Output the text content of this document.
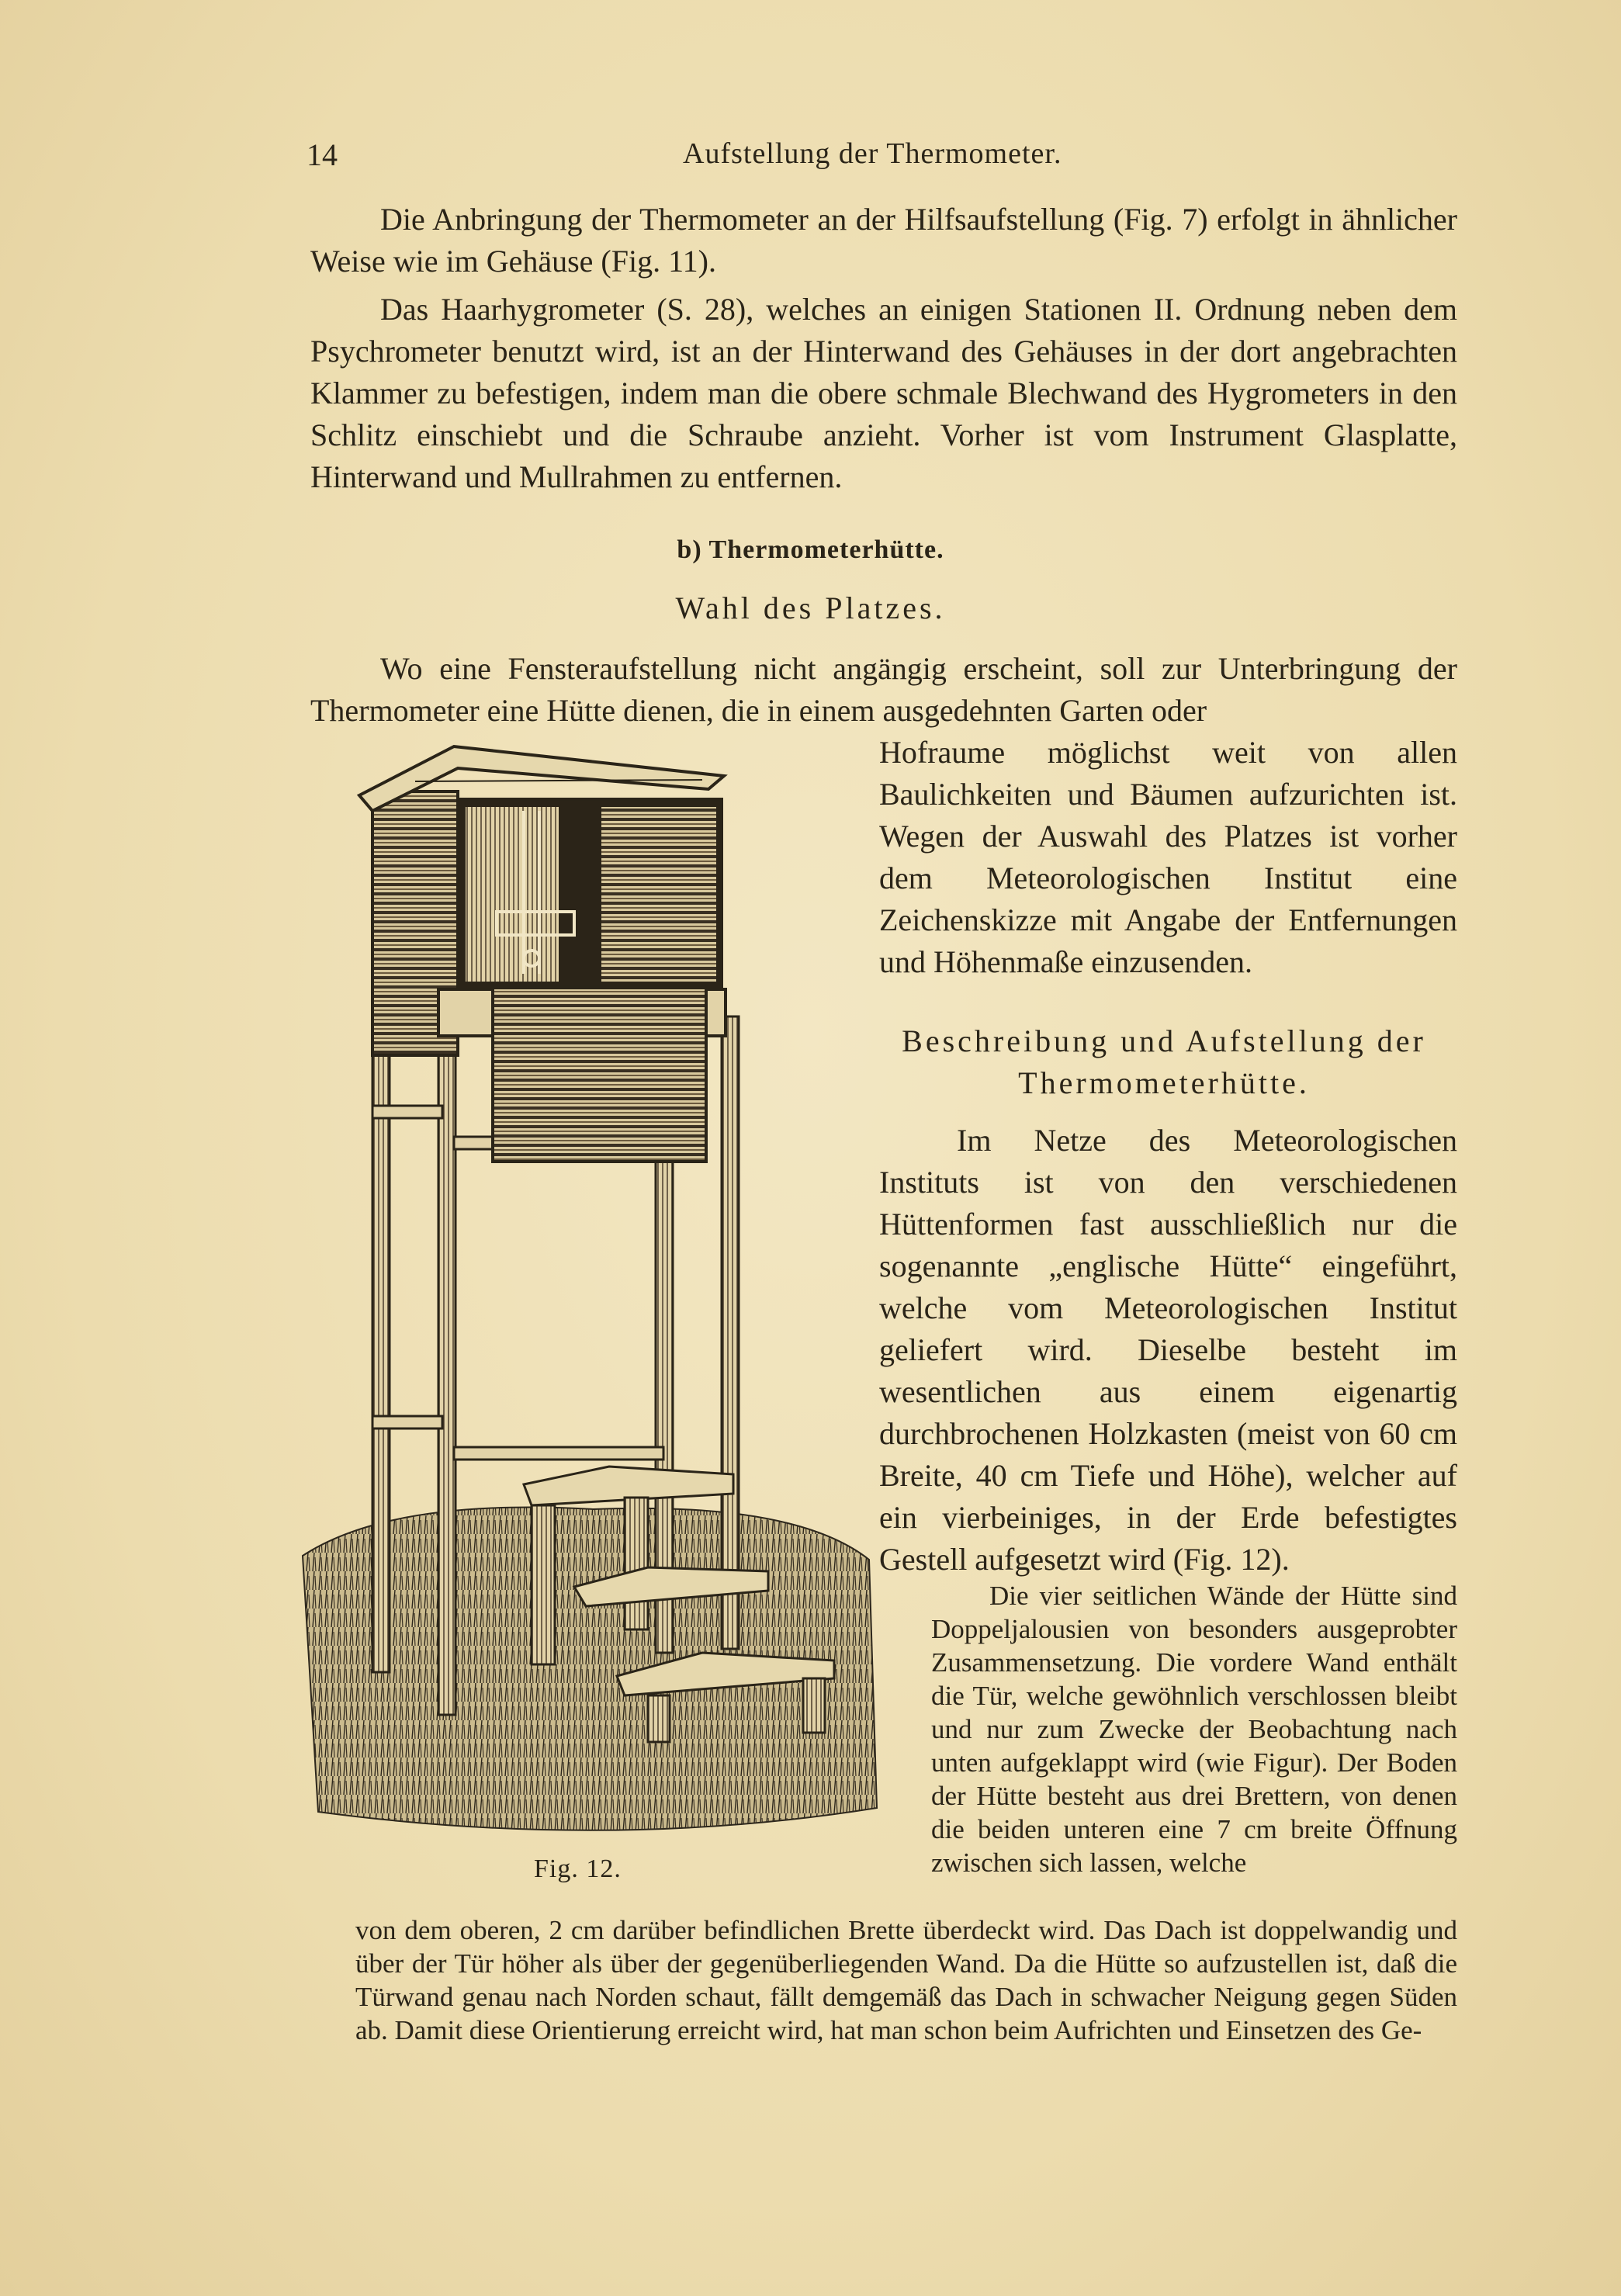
14	Aufstellung der Thermometer.

Die Anbringung der Thermometer an der Hilfsaufstellung (Fig. 7) erfolgt in ähnlicher Weise wie im Gehäuse (Fig. 11).

Das Haarhygrometer (S. 28), welches an einigen Stationen II. Ordnung neben dem Psychrometer benutzt wird, ist an der Hinterwand des Gehäuses in der dort angebrachten Klammer zu befestigen, indem man die obere schmale Blechwand des Hygrometers in den Schlitz einschiebt und die Schraube anzieht. Vorher ist vom Instrument Glasplatte, Hinterwand und Mullrahmen zu entfernen.

b) Thermometerhütte.
Wahl des Platzes.

Wo eine Fensteraufstellung nicht angängig erscheint, soll zur Unterbringung der Thermometer eine Hütte dienen, die in einem ausgedehnten Garten oder

Hofraume möglichst weit von allen Baulichkeiten und Bäumen aufzurichten ist. Wegen der Auswahl des Platzes ist vorher dem Meteorologischen Institut eine Zeichenskizze mit Angabe der Entfernungen und Höhenmaße einzusenden.

Beschreibung und Aufstellung der Thermometerhütte.

Im Netze des Meteorologischen Instituts ist von den verschiedenen Hüttenformen fast ausschließlich nur die sogenannte „englische Hütte“ eingeführt, welche vom Meteorologischen Institut geliefert wird. Dieselbe besteht im wesentlichen aus einem eigenartig durchbrochenen Holzkasten (meist von 60 cm Breite, 40 cm Tiefe und Höhe), welcher auf ein vierbeiniges, in der Erde befestigtes Gestell aufgesetzt wird (Fig. 12).

Die vier seitlichen Wände der Hütte sind Doppeljalousien von besonders ausgeprobter Zusammensetzung. Die vordere Wand enthält die Tür, welche gewöhnlich verschlossen bleibt und nur zum Zwecke der Beobachtung nach unten aufgeklappt wird (wie Figur). Der Boden der Hütte besteht aus drei Brettern, von denen die beiden unteren eine 7 cm breite Öffnung zwischen sich lassen, welche

von dem oberen, 2 cm darüber befindlichen Brette überdeckt wird. Das Dach ist doppelwandig und über der Tür höher als über der gegenüberliegenden Wand. Da die Hütte so aufzustellen ist, daß die Türwand genau nach Norden schaut, fällt demgemäß das Dach in schwacher Neigung gegen Süden ab. Damit diese Orientierung erreicht wird, hat man schon beim Aufrichten und Einsetzen des Ge-

Fig. 12.
